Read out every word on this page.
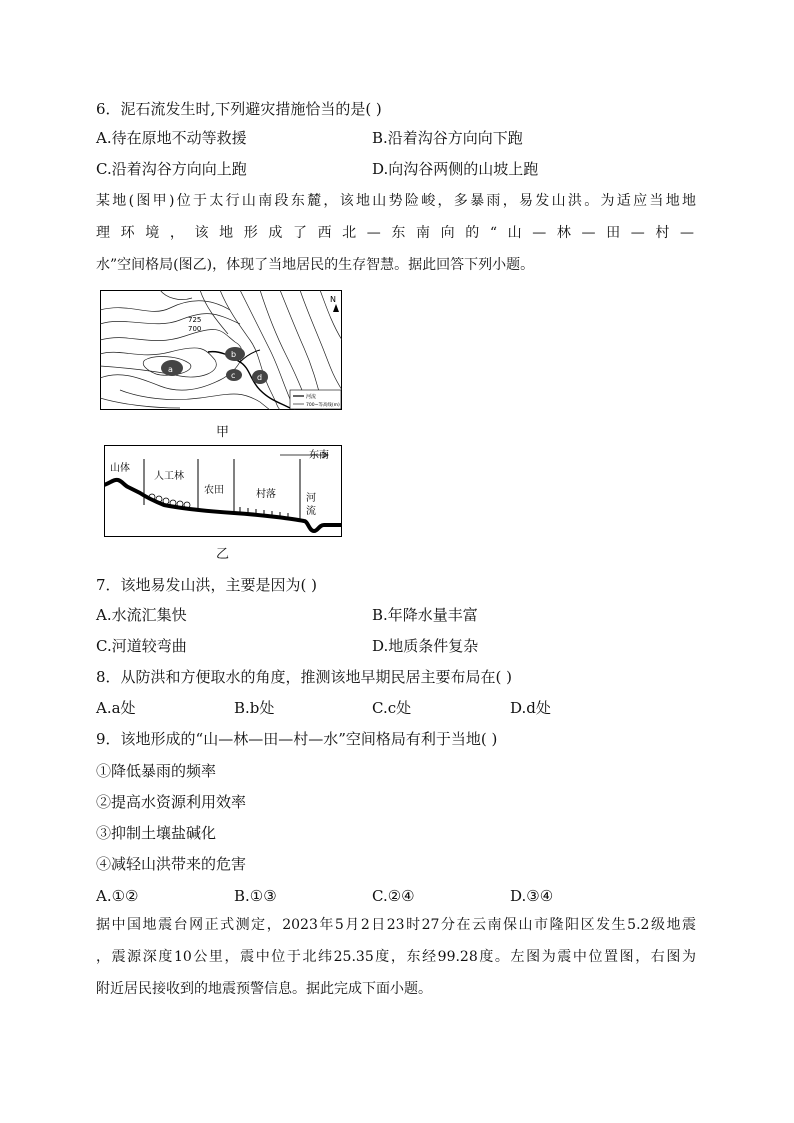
6．泥石流发生时,下列避灾措施恰当的是( )
A.待在原地不动等救援	B.沿着沟谷方向向下跑
C.沿着沟谷方向向上跑	D.向沟谷两侧的山坡上跑
某地(图甲)位于太行山南段东麓，该地山势险峻，多暴雨，易发山洪。为适应当地地
理环境，该地形成了西北—东南向的“山—林—田—村—
水”空间格局(图乙)，体现了当地居民的生存智慧。据此回答下列小题。
a
b
c	d
725
700
N
河流
700~等高线(m)
甲
东南
山体
人工林
农田	村落	河
流
乙
7．该地易发山洪，主要是因为( )
A.水流汇集快	B.年降水量丰富
C.河道较弯曲	D.地质条件复杂
8．从防洪和方便取水的角度，推测该地早期民居主要布局在( )
A.a处	B.b处	C.c处	D.d处
9．该地形成的“山—林—田—村—水”空间格局有利于当地( )
①降低暴雨的频率
②提高水资源利用效率
③抑制土壤盐碱化
④减轻山洪带来的危害
A.①②	B.①③	C.②④	D.③④
据中国地震台网正式测定，2023年5月2日23时27分在云南保山市隆阳区发生5.2级地震
，震源深度10公里，震中位于北纬25.35度，东经99.28度。左图为震中位置图，右图为
附近居民接收到的地震预警信息。据此完成下面小题。
